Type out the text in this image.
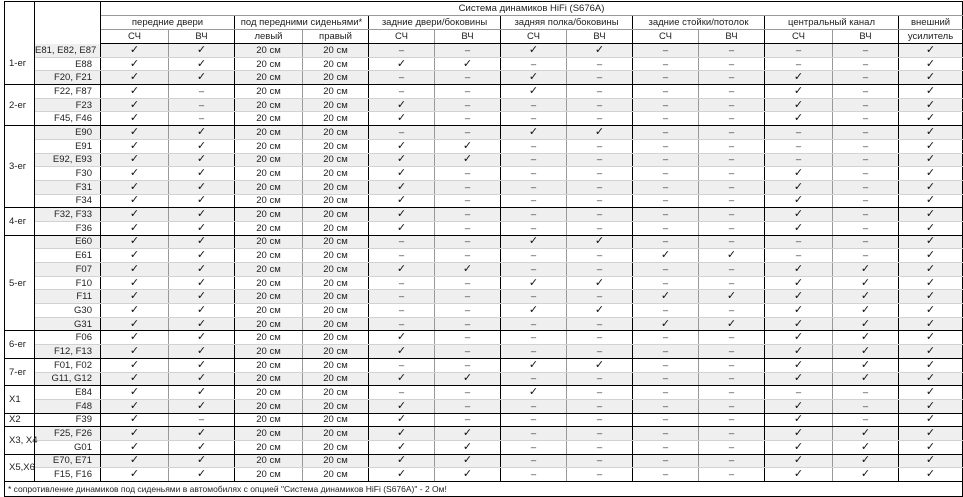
		Система динамиков HiFi (S676A)												
		передние двери		под передними сиденьями*		задние двери/боковины		задняя полка/боковины		задние стойки/потолок		центральный канал		внешний
		СЧ	ВЧ	левый	правый	СЧ	ВЧ	СЧ	ВЧ	СЧ	ВЧ	СЧ	ВЧ	усилитель
1-ег	E81, E82, E87	✓	✓	20 см	20 см	–	–	✓	✓	–	–	–	–	✓
	E88	✓	✓	20 см	20 см	✓	✓	–	–	–	–	–	–	✓
	F20, F21	✓	✓	20 см	20 см	–	–	✓	–	–	–	✓	–	✓
2-ег	F22, F87	✓	–	20 см	20 см	–	–	✓	–	–	–	✓	–	✓
	F23	✓	–	20 см	20 см	✓	–	–	–	–	–	✓	–	✓
	F45, F46	✓	–	20 см	20 см	✓	–	–	–	–	–	✓	–	✓
3-ег	E90	✓	✓	20 см	20 см	–	–	✓	✓	–	–	–	–	✓
	E91	✓	✓	20 см	20 см	✓	✓	–	–	–	–	–	–	✓
	E92, E93	✓	✓	20 см	20 см	✓	✓	–	–	–	–	–	–	✓
	F30	✓	✓	20 см	20 см	✓	–	–	–	–	–	✓	–	✓
	F31	✓	✓	20 см	20 см	✓	–	–	–	–	–	✓	–	✓
	F34	✓	✓	20 см	20 см	✓	–	–	–	–	–	✓	–	✓
4-ег	F32, F33	✓	✓	20 см	20 см	✓	–	–	–	–	–	✓	–	✓
	F36	✓	✓	20 см	20 см	✓	–	–	–	–	–	✓	–	✓
5-ег	E60	✓	✓	20 см	20 см	–	–	✓	✓	–	–	–	–	✓
	E61	✓	✓	20 см	20 см	–	–	–	–	✓	✓	–	–	✓
	F07	✓	✓	20 см	20 см	✓	✓	–	–	–	–	✓	✓	✓
	F10	✓	✓	20 см	20 см	–	–	✓	✓	–	–	✓	✓	✓
	F11	✓	✓	20 см	20 см	–	–	–	–	✓	✓	✓	✓	✓
	G30	✓	✓	20 см	20 см	–	–	✓	✓	–	–	✓	✓	✓
	G31	✓	✓	20 см	20 см	–	–	–	–	✓	✓	✓	✓	✓
6-ег	F06	✓	✓	20 см	20 см	✓	–	–	–	–	–	✓	✓	✓
	F12, F13	✓	✓	20 см	20 см	✓	–	–	–	–	–	✓	✓	✓
7-ег	F01, F02	✓	✓	20 см	20 см	–	–	✓	✓	–	–	✓	✓	✓
	G11, G12	✓	✓	20 см	20 см	✓	✓	–	–	–	–	✓	✓	✓
X1	E84	✓	✓	20 см	20 см	–	–	✓	–	–	–	–	–	✓
	F48	✓	✓	20 см	20 см	✓	–	–	–	–	–	✓	–	✓
X2	F39	✓	–	20 см	20 см	✓	–	–	–	–	–	✓	–	✓
X3, X4	F25, F26	✓	✓	20 см	20 см	✓	✓	–	–	–	–	✓	✓	✓
	G01	✓	✓	20 см	20 см	✓	✓	–	–	–	–	✓	✓	✓
X5,X6	E70, E71	✓	✓	20 см	20 см	✓	✓	–	–	–	–	✓	✓	✓
	F15, F16	✓	✓	20 см	20 см	✓	✓	–	–	–	–	✓	✓	✓
* сопротивление динамиков под сиденьями в автомобилях с опцией "Система динамиков HiFi (S676A)" - 2 Ом!														
